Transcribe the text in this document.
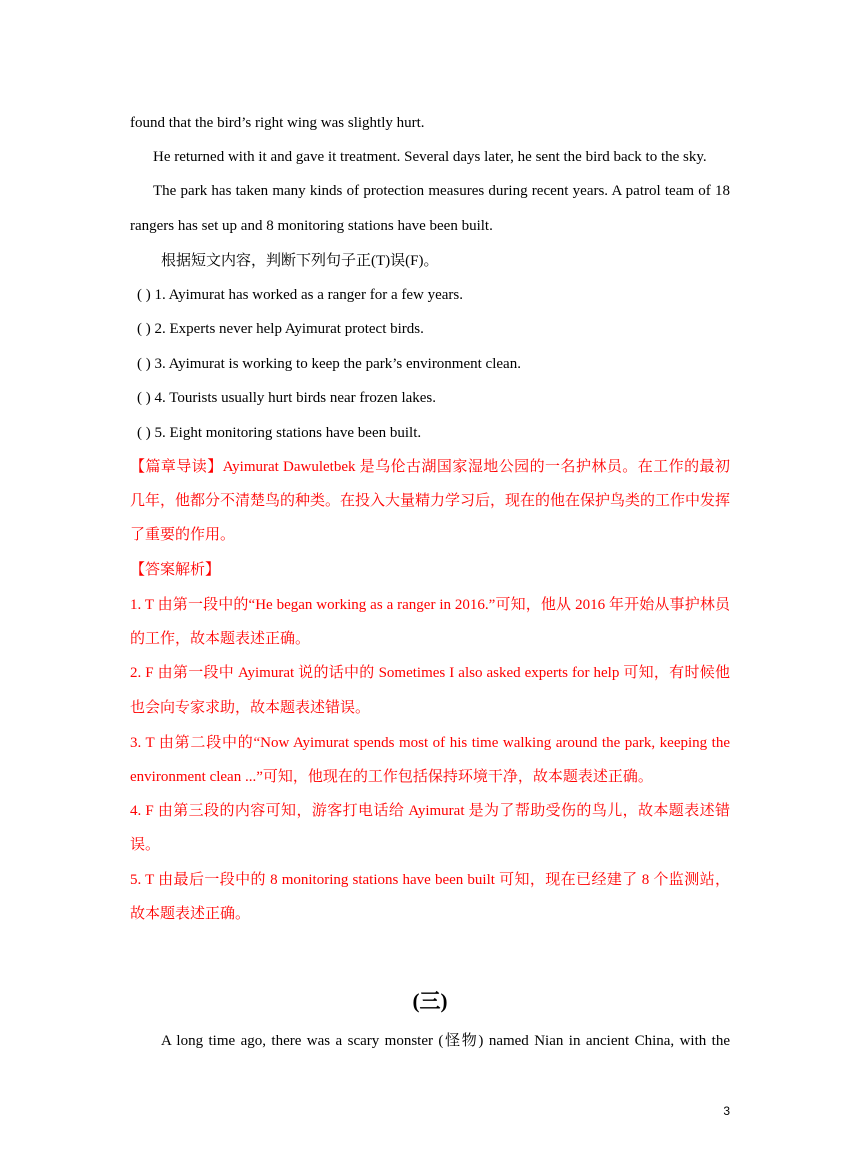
found that the bird’s right wing was slightly hurt.
He returned with it and gave it treatment. Several days later, he sent the bird back to the sky.
The park has taken many kinds of protection measures during recent years. A patrol team of 18
rangers has set up and 8 monitoring stations have been built.
根据短文内容，判断下列句子正(T)误(F)。
( ) 1. Ayimurat has worked as a ranger for a few years.
( ) 2. Experts never help Ayimurat protect birds.
( ) 3. Ayimurat is working to keep the park’s environment clean.
( ) 4. Tourists usually hurt birds near frozen lakes.
( ) 5. Eight monitoring stations have been built.
【篇章导读】Ayimurat Dawuletbek 是乌伦古湖国家湿地公园的一名护林员。在工作的最初
几年，他都分不清楚鸟的种类。在投入大量精力学习后，现在的他在保护鸟类的工作中发挥
了重要的作用。
【答案解析】
1. T 由第一段中的“He began working as a ranger in 2016.”可知，他从 2016 年开始从事护林员
的工作，故本题表述正确。
2. F 由第一段中 Ayimurat 说的话中的 Sometimes I also asked experts for help 可知，有时候他
也会向专家求助，故本题表述错误。
3. T 由第二段中的“Now Ayimurat spends most of his time walking around the park, keeping the
environment clean ...”可知，他现在的工作包括保持环境干净，故本题表述正确。
4. F 由第三段的内容可知，游客打电话给 Ayimurat 是为了帮助受伤的鸟儿，故本题表述错
误。
5. T 由最后一段中的 8 monitoring stations have been built 可知，现在已经建了 8 个监测站，
故本题表述正确。
(三)
A long time ago, there was a scary monster (怪物) named Nian in ancient China, with the
3
